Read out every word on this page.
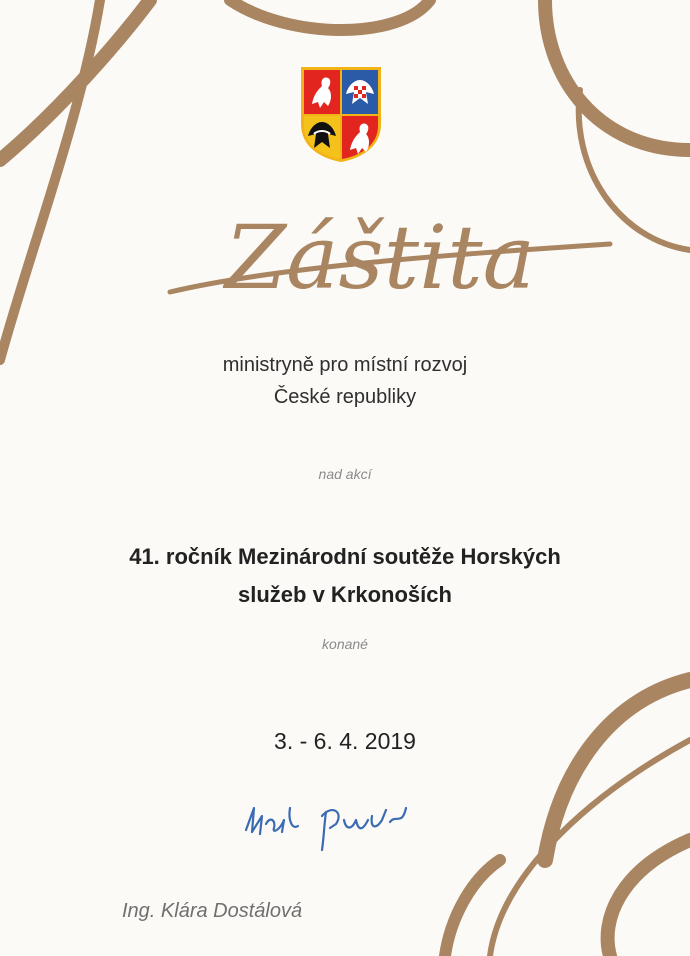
Záštita
ministryně pro místní rozvoj
České republiky
nad akcí
41. ročník Mezinárodní soutěže Horských
služeb v Krkonoších
konané
3. - 6. 4. 2019
Ing. Klára Dostálová
